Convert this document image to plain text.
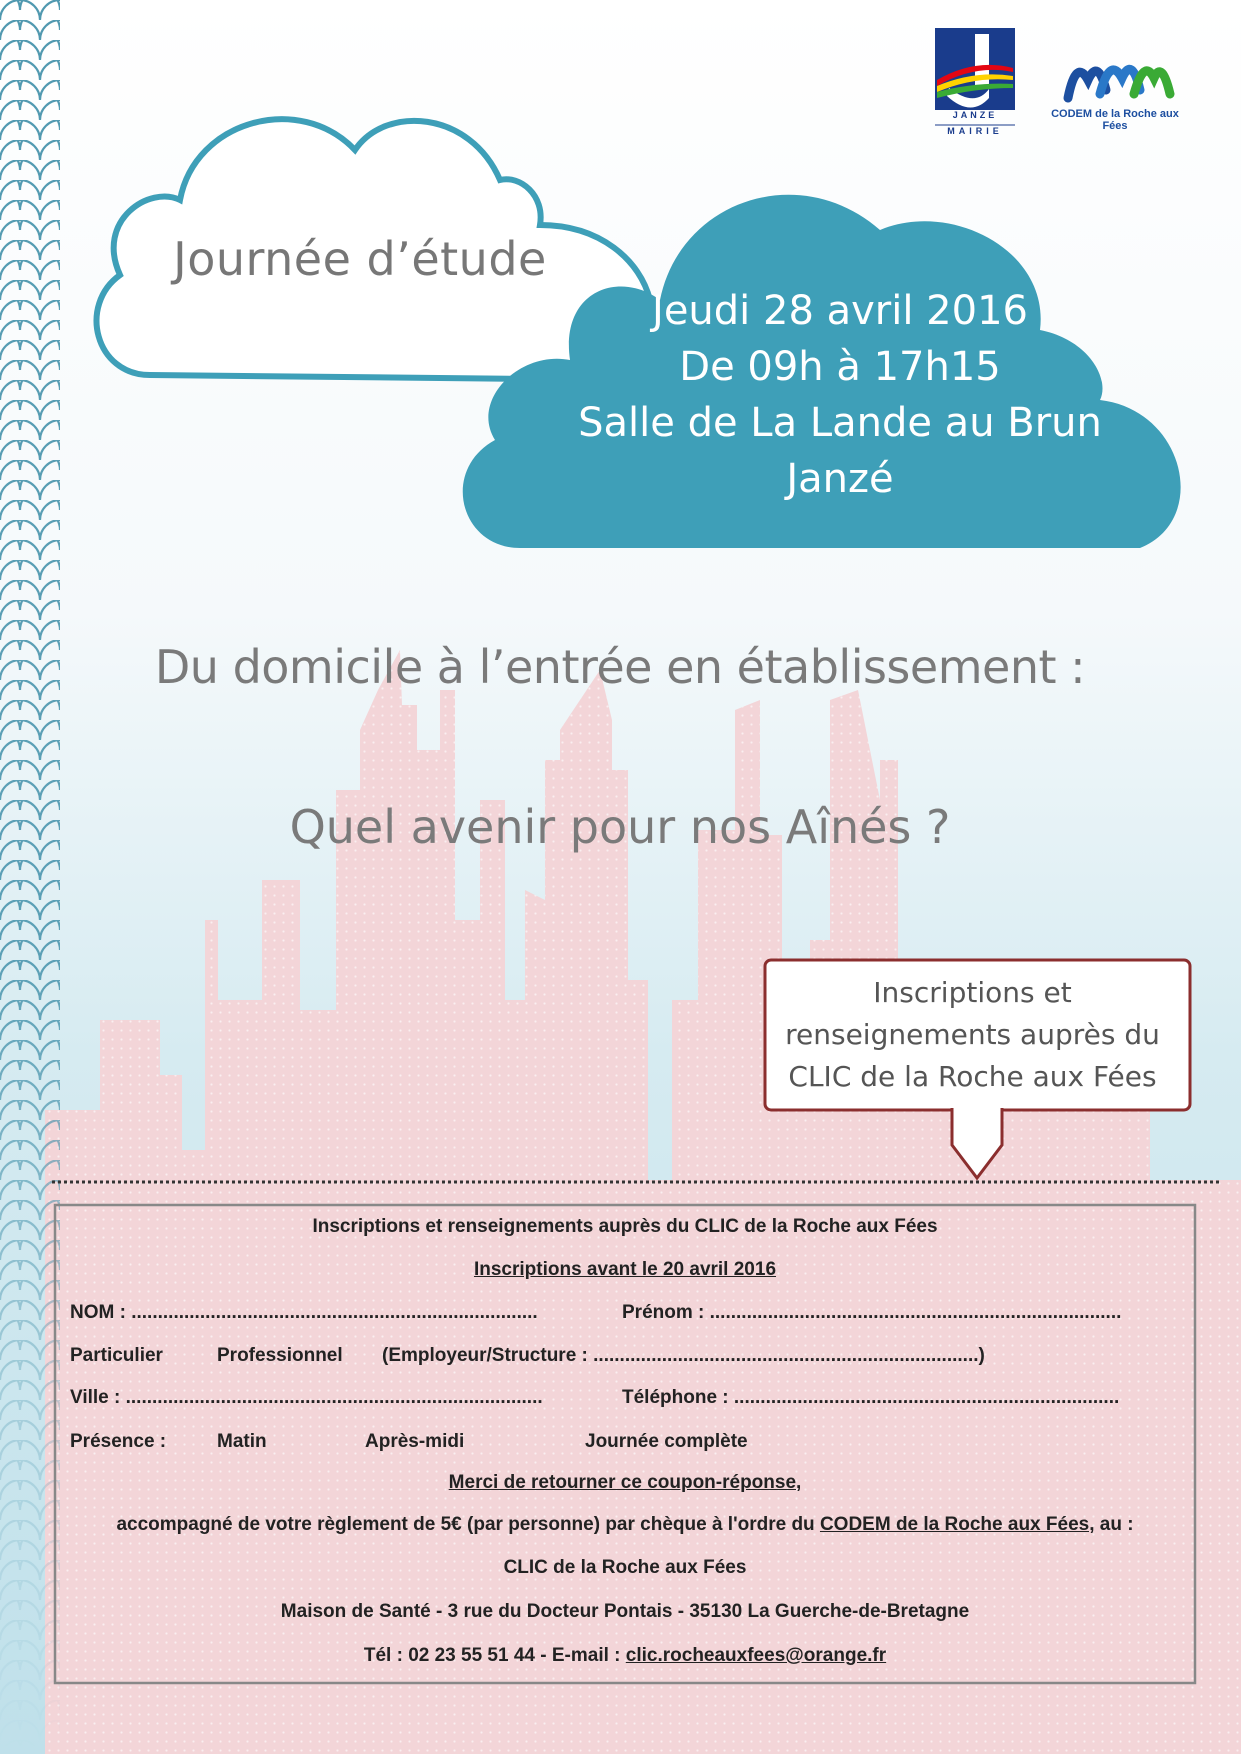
JANZE
MAIRIE
CODEM de la Roche aux Fées
Journée d’étude
Jeudi 28 avril 2016
De 09h à 17h15
Salle de La Lande au Brun
Janzé
Du domicile à l’entrée en établissement :
Quel avenir pour nos Aînés ?
Inscriptions et
renseignements auprès du
CLIC de la Roche aux Fées
Inscriptions et renseignements auprès du CLIC de la Roche aux Fées
Inscriptions avant le 20 avril 2016
NOM : .............................................................................	Prénom : ..............................................................................
Particulier	Professionnel (Employeur/Structure : .........................................................................)
Ville : ...............................................................................	Téléphone : .........................................................................
Présence :	Matin	Après-midi	Journée complète
Merci de retourner ce coupon-réponse,
accompagné de votre règlement de 5€ (par personne) par chèque à l'ordre du CODEM de la Roche aux Fées, au :
CLIC de la Roche aux Fées
Maison de Santé - 3 rue du Docteur Pontais - 35130 La Guerche-de-Bretagne
Tél : 02 23 55 51 44 - E-mail : clic.rocheauxfees@orange.fr
